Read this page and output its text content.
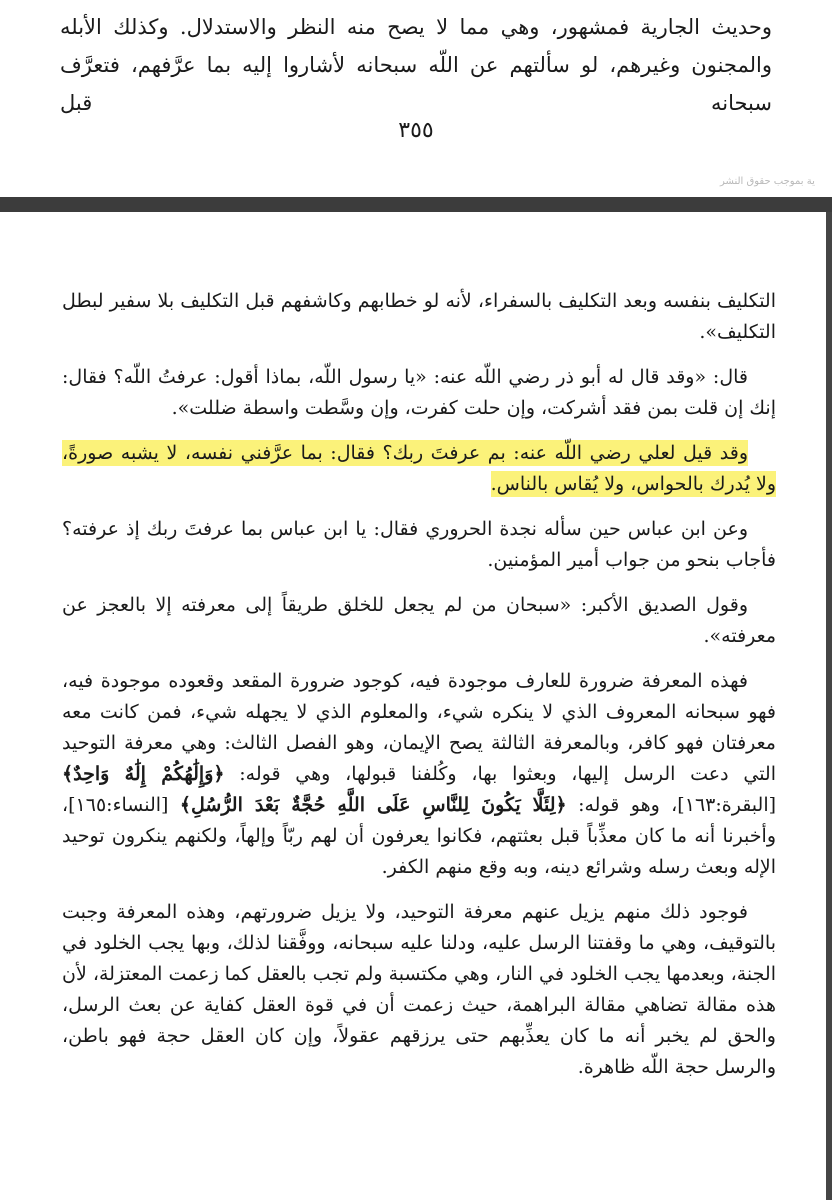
وحديث الجارية فمشهور، وهي مما لا يصح منه النظر والاستدلال. وكذلك الأبله
والمجنون وغيرهم، لو سألتهم عن اللّه سبحانه لأشاروا إليه بما عرَّفهم، فتعرَّف سبحانه قبل
٣٥٥
ية بموجب حقوق النشر

التكليف بنفسه وبعد التكليف بالسفراء، لأنه لو خطابهم وكاشفهم قبل التكليف بلا سفير لبطل التكليف».

قال: «وقد قال له أبو ذر رضي اللّه عنه: «يا رسول اللّه، بماذا أقول: عرفتُ اللّه؟ فقال: إنك إن قلت بمن فقد أشركت، وإن حلت كفرت، وإن وسَّطت واسطة ضللت».

وقد قيل لعلي رضي اللّه عنه: بم عرفتَ ربك؟ فقال: بما عرَّفني نفسه، لا يشبه صورةً، ولا يُدرك بالحواس، ولا يُقاس بالناس.

وعن ابن عباس حين سأله نجدة الحروري فقال: يا ابن عباس بما عرفتَ ربك إذ عرفته؟ فأجاب بنحو من جواب أمير المؤمنين.

وقول الصديق الأكبر: «سبحان من لم يجعل للخلق طريقاً إلى معرفته إلا بالعجز عن معرفته».

فهذه المعرفة ضرورة للعارف موجودة فيه، كوجود ضرورة المقعد وقعوده موجودة فيه، فهو سبحانه المعروف الذي لا ينكره شيء، والمعلوم الذي لا يجهله شيء، فمن كانت معه معرفتان فهو كافر، وبالمعرفة الثالثة يصح الإيمان، وهو الفصل الثالث: وهي معرفة التوحيد التي دعت الرسل إليها، وبعثوا بها، وكُلفنا قبولها، وهي قوله: ﴿وَإِلَٰهُكُمْ إِلَٰهٌ وَاحِدٌ﴾ [البقرة:١٦٣]، وهو قوله: ﴿لِئَلَّا يَكُونَ لِلنَّاسِ عَلَى اللَّهِ حُجَّةٌ بَعْدَ الرُّسُلِ﴾ [النساء:١٦٥]، وأخبرنا أنه ما كان معذِّباً قبل بعثتهم، فكانوا يعرفون أن لهم ربّاً وإلهاً، ولكنهم ينكرون توحيد الإله وبعث رسله وشرائع دينه، وبه وقع منهم الكفر.

فوجود ذلك منهم يزيل عنهم معرفة التوحيد، ولا يزيل ضرورتهم، وهذه المعرفة وجبت بالتوقيف، وهي ما وقفتنا الرسل عليه، ودلنا عليه سبحانه، ووفَّقنا لذلك، وبها يجب الخلود في الجنة، وبعدمها يجب الخلود في النار، وهي مكتسبة ولم تجب بالعقل كما زعمت المعتزلة، لأن هذه مقالة تضاهي مقالة البراهمة، حيث زعمت أن في قوة العقل كفاية عن بعث الرسل، والحق لم يخبر أنه ما كان يعذِّبهم حتى يرزقهم عقولاً، وإن كان العقل حجة فهو باطن، والرسل حجة اللّه ظاهرة.
